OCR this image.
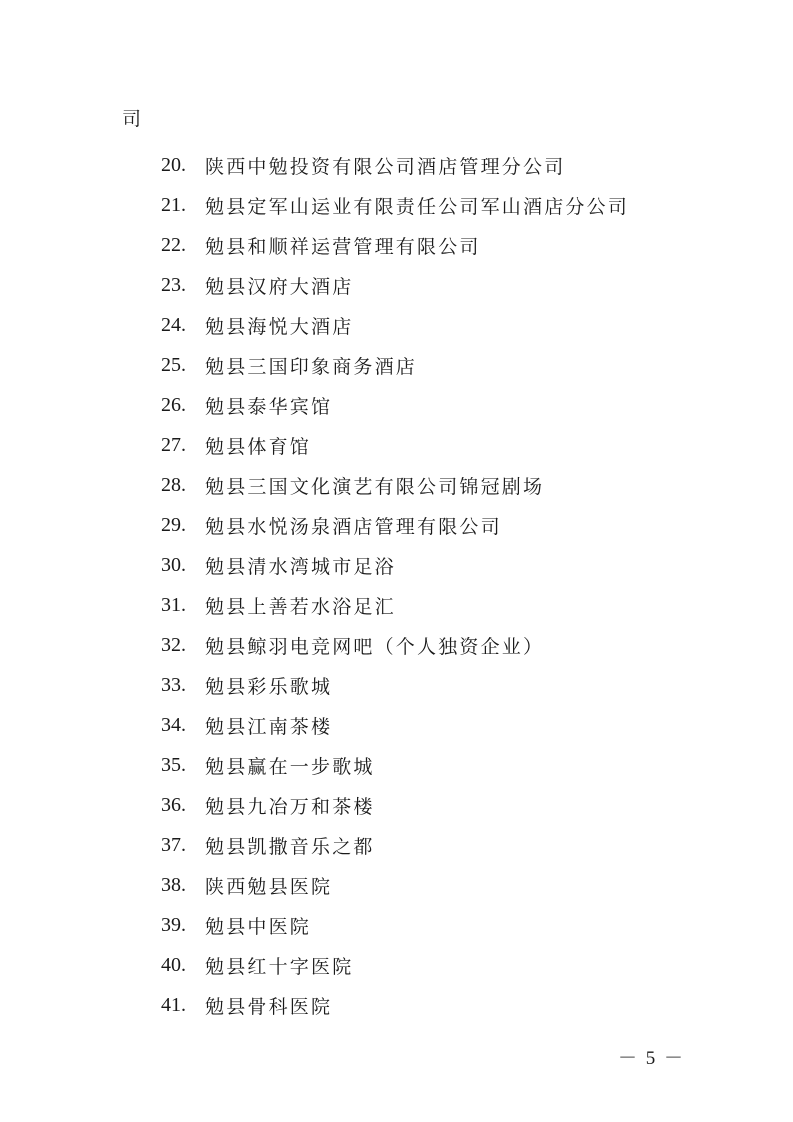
司
20.	陕西中勉投资有限公司酒店管理分公司
21.	勉县定军山运业有限责任公司军山酒店分公司
22.	勉县和顺祥运营管理有限公司
23.	勉县汉府大酒店
24.	勉县海悦大酒店
25.	勉县三国印象商务酒店
26.	勉县泰华宾馆
27.	勉县体育馆
28.	勉县三国文化演艺有限公司锦冠剧场
29.	勉县水悦汤泉酒店管理有限公司
30.	勉县清水湾城市足浴
31.	勉县上善若水浴足汇
32.	勉县鲸羽电竞网吧（个人独资企业）
33.	勉县彩乐歌城
34.	勉县江南茶楼
35.	勉县赢在一步歌城
36.	勉县九冶万和茶楼
37.	勉县凯撒音乐之都
38.	陕西勉县医院
39.	勉县中医院
40.	勉县红十字医院
41.	勉县骨科医院
－ 5 －
